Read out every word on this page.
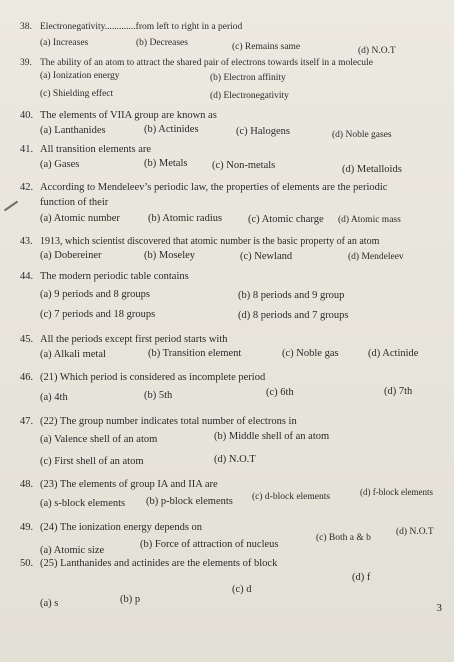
38. Electronegativity.............from left to right in a period
(a) Increases	(b) Decreases	(c) Remains same	(d) N.O.T
39. The ability of an atom to attract the shared pair of electrons towards itself in a molecule
(a) Ionization energy	(b) Electron affinity
(c) Shielding effect	(d) Electronegativity
40. The elements of VIIA group are known as
(a) Lanthanides	(b) Actinides	(c) Halogens	(d) Noble gases
41. All transition elements are
(a) Gases	(b) Metals (c) Non-metals	(d) Metalloids
42. According to Mendeleev’s periodic law, the properties of elements are the periodic
function of their
(a) Atomic number	(b) Atomic radius (c) Atomic charge (d) Atomic mass
43. 1913, which scientist discovered that atomic number is the basic property of an atom
(a) Dobereiner	(b) Moseley	(c) Newland	(d) Mendeleev
44. The modern periodic table contains
(a) 9 periods and 8 groups	(b) 8 periods and 9 group
(c) 7 periods and 18 groups	(d) 8 periods and 7 groups
45. All the periods except first period starts with
(a) Alkali metal	(b) Transition element	(c) Noble gas	(d) Actinide
46. (21) Which period is considered as incomplete period
(a) 4th	(b) 5th	(c) 6th	(d) 7th
47. (22) The group number indicates total number of electrons in
(a) Valence shell of an atom	(b) Middle shell of an atom
(c) First shell of an atom	(d) N.O.T
48. (23) The elements of group IA and IIA are
(a) s-block elements (b) p-block elements (c) d-block elements	(d) f-block elements
49. (24) The ionization energy depends on
(a) Atomic size
(b) Force of attraction of nucleus
(c) Both a & b
(d) N.O.T
50. (25) Lanthanides and actinides are the elements of block
(a) s	(b) p
(c) d
(d) f
3
